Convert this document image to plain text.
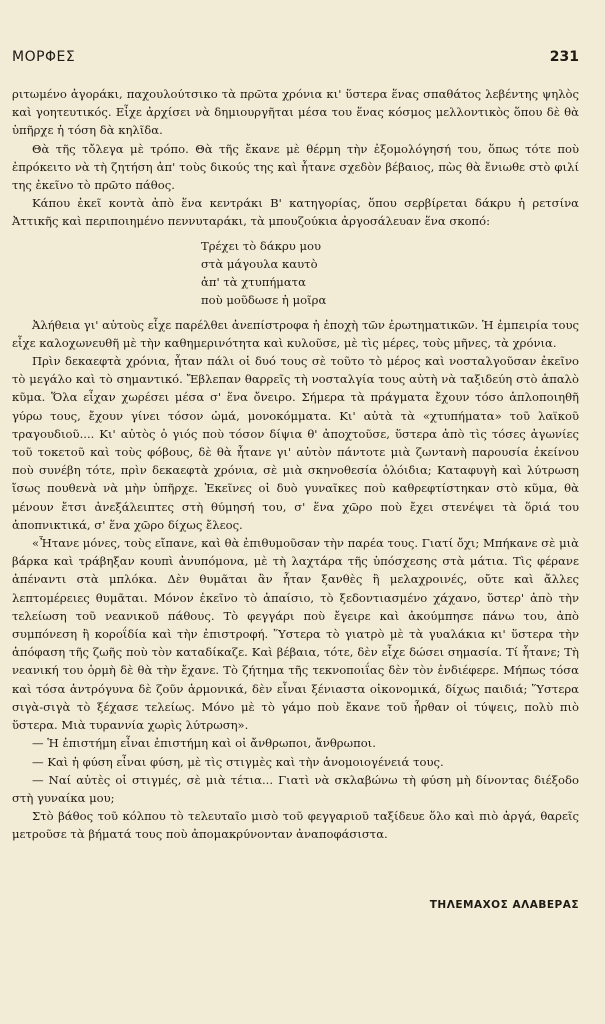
ΜΟΡΦΕΣ	231

ριτωμένο ἀγοράκι, παχουλούτσικο τὰ πρῶτα χρόνια κι' ὕστερα ἕνας σπαθάτος λεβέντης ψηλὸς καὶ γοητευτικός. Εἶχε ἀρχίσει νὰ δημιουργῆται μέσα του ἕνας κόσμος μελλοντικὸς ὅπου δὲ θὰ ὑπῆρχε ἡ τόση δὰ κηλῖδα.

Θὰ τῆς τὄλεγα μὲ τρόπο. Θὰ τῆς ἔκανε μὲ θέρμη τὴν ἐξομολόγησή του, ὅπως τότε ποὺ ἐπρόκειτο νὰ τὴ ζητήση ἀπ' τοὺς δικούς της καὶ ἦτανε σχεδὸν βέβαιος, πὼς θὰ ἔνιωθε στὸ φιλί της ἐκεῖνο τὸ πρῶτο πάθος.

Κάπου ἐκεῖ κοντὰ ἀπὸ ἕνα κεντράκι Β' κατηγορίας, ὅπου σερβίρεται δάκρυ ἡ ρετσίνα Ἀττικῆς καὶ περιποιημένο πεννυταράκι, τὰ μπουζούκια ἀργοσάλευαν ἕνα σκοπό:

Τρέχει τὸ δάκρυ μου
στὰ μάγουλα καυτὸ
ἀπ' τὰ χτυπήματα
ποὺ μοῦδωσε ἡ μοῖρα

Ἀλήθεια γι' αὐτοὺς εἶχε παρέλθει ἀνεπίστροφα ἡ ἐποχὴ τῶν ἐρωτηματικῶν. Ἡ ἐμπειρία τους εἶχε καλοχωνευθῆ μὲ τὴν καθημερινότητα καὶ κυλοῦσε, μὲ τὶς μέρες, τοὺς μῆνες, τὰ χρόνια.

Πρὶν δεκαεφτὰ χρόνια, ἦταν πάλι οἱ δυό τους σὲ τοῦτο τὸ μέρος καὶ νοσταλγοῦσαν ἐκεῖνο τὸ μεγάλο καὶ τὸ σημαντικό. Ἔβλεπαν θαρρεῖς τὴ νοσταλγία τους αὐτὴ νὰ ταξιδεύη στὸ ἁπαλὸ κῦμα. Ὅλα εἶχαν χωρέσει μέσα σ' ἕνα ὄνειρο. Σήμερα τὰ πράγματα ἔχουν τόσο ἁπλοποιηθῆ γύρω τους, ἔχουν γίνει τόσον ὠμά, μονοκόμματα. Κι' αὐτὰ τὰ «χτυπήματα» τοῦ λαϊκοῦ τραγουδιοῦ.... Κι' αὐτὸς ὁ γιός ποὺ τόσον δίψια θ' ἀποχτοῦσε, ὕστερα ἀπὸ τὶς τόσες ἀγωνίες τοῦ τοκετοῦ καὶ τοὺς φόβους, δὲ θὰ ἦτανε γι' αὐτὸν πάντοτε μιὰ ζωντανὴ παρουσία ἐκείνου ποὺ συνέβη τότε, πρὶν δεκαεφτὰ χρόνια, σὲ μιὰ σκηνοθεσία ὁλόιδια; Καταφυγὴ καὶ λύτρωση ἴσως πουθενὰ νὰ μὴν ὑπῆρχε. Ἐκεῖνες οἱ δυὸ γυναῖκες ποὺ καθρεφτίστηκαν στὸ κῦμα, θὰ μένουν ἔτσι ἀνεξάλειπτες στὴ θύμησή του, σ' ἕνα χῶρο ποὺ ἔχει στενέψει τὰ ὅριά του ἀποπνικτικά, σ' ἕνα χῶρο δίχως ἔλεος.

«Ἦτανε μόνες, τοὺς εἴπανε, καὶ θὰ ἐπιθυμοῦσαν τὴν παρέα τους. Γιατί ὄχι; Μπήκανε σὲ μιὰ βάρκα καὶ τράβηξαν κουπὶ ἀνυπόμονα, μὲ τὴ λαχτάρα τῆς ὑπόσχεσης στὰ μάτια. Τὶς φέρανε ἀπέναντι στὰ μπλόκα. Δὲν θυμᾶται ἂν ἦταν ξανθὲς ἢ μελαχροινές, οὔτε καὶ ἄλλες λεπτομέρειες θυμᾶται. Μόνον ἐκεῖνο τὸ ἀπαίσιο, τὸ ξεδοντιασμένο χάχανο, ὕστερ' ἀπὸ τὴν τελείωση τοῦ νεανικοῦ πάθους. Τὸ φεγγάρι ποὺ ἔγειρε καὶ ἀκούμπησε πάνω του, ἀπὸ συμπόνεση ἢ κοροΐδία καὶ τὴν ἐπιστροφή. Ὕστερα τὸ γιατρὸ μὲ τὰ γυαλάκια κι' ὕστερα τὴν ἀπόφαση τῆς ζωῆς ποὺ τὸν καταδίκαζε. Καὶ βέβαια, τότε, δὲν εἶχε δώσει σημασία. Τί ἦτανε; Τὴ νεανική του ὁρμὴ δὲ θὰ τὴν ἔχανε. Τὸ ζήτημα τῆς τεκνοποιΐας δὲν τὸν ἐνδιέφερε. Μήπως τόσα καὶ τόσα ἀντρόγυνα δὲ ζοῦν ἁρμονικά, δὲν εἶναι ξένιαστα οἰκονομικά, δίχως παιδιά; Ὕστερα σιγὰ-σιγὰ τὸ ξέχασε τελείως. Μόνο μὲ τὸ γάμο ποὺ ἔκανε τοῦ ἦρθαν οἱ τύψεις, πολὺ πιὸ ὕστερα. Μιὰ τυραννία χωρὶς λύτρωση».

— Ἡ ἐπιστήμη εἶναι ἐπιστήμη καὶ οἱ ἄνθρωποι, ἄνθρωποι.

— Καὶ ἡ φύση εἶναι φύση, μὲ τὶς στιγμὲς καὶ τὴν ἀνομοιογένειά τους.

— Ναί αὐτὲς οἱ στιγμές, σὲ μιὰ τέτια... Γιατὶ νὰ σκλαβώνω τὴ φύση μὴ δίνοντας διέξοδο στὴ γυναίκα μου;

Στὸ βάθος τοῦ κόλπου τὸ τελευταῖο μισὸ τοῦ φεγγαριοῦ ταξίδευε ὅλο καὶ πιὸ ἀργά, θαρεῖς μετροῦσε τὰ βήματά τους ποὺ ἀπομακρύνονταν ἀναποφάσιστα.

ΤΗΛΕΜΑΧΟΣ ΑΛΑΒΕΡΑΣ
